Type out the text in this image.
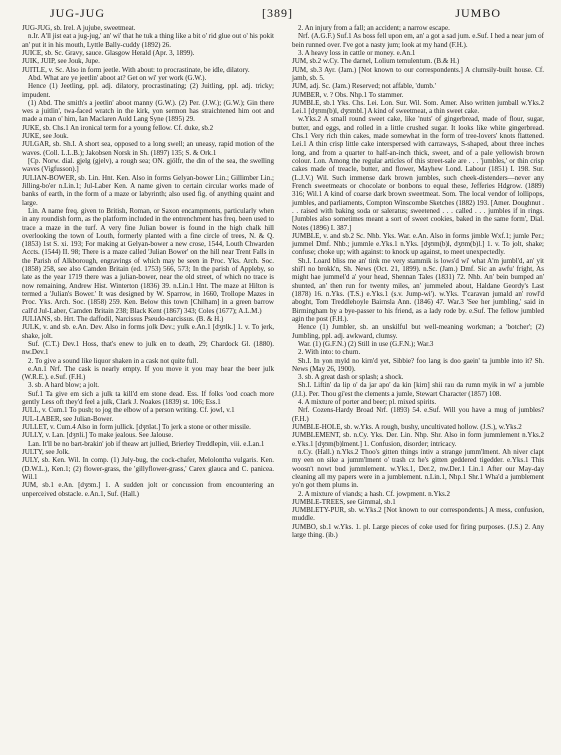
JUG-JUG	[389]	JUMBO

JUG-JUG, sb. Irel. A jujube, sweetmeat.

n.Ir. A'll jist eat a jug-jug,' an' wi' that he tuk a thing like a bit o' rid glue out o' his pokit an' put it in his mouth, Lyttle Bally-cuddy (1892) 26.

JUICE, sb. Sc. Gravy, sauce. Glasgow Herald (Apr. 3, 1899).

JUIK, JUIP, see Jouk, Jupe.

JUITLE, v. Sc. Also in form jeetle. With about: to procrastinate, be idle, dilatory.

Abd. What are ye jeetlin' aboot at? Get on wi' yer work (G.W.).

Hence (1) Jeetling, ppl. adj. dilatory, procrastinating; (2) Juitling, ppl. adj. tricky; impudent.

(1) Abd. The smith's a jeetlin' aboot manny (G.W.). (2) Per. (J.W.); (G.W.); Gin there wes a juitlin', twa-faced wratch in the kirk, yon sermon has straichtened him oot and made a man o' him, Ian Maclaren Auld Lang Syne (1895) 29.

JUKE, sb. Chs.1 An ironical term for a young fellow. Cf. duke, sb.2

JUKE, see Jouk.

JULGAR, sb. Sh.I. A short sea, opposed to a long swell; an uneasy, rapid motion of the waves. (Coll. L.L.B.); Jakobsen Norsk in Sh. (1897) 135; S. & Ork.1

[Cp. Norw. dial. gjelg (gjelv), a rough sea; ON. gjölfr, the din of the sea, the swelling waves (Vigfusson).]

JULIAN-BOWER, sb. Lin. Hnt. Ken. Also in forms Gelyan-bower Lin.; Gillimber Lin.; Jilling-bo'er n.Lin.1; Jul-Laber Ken. A name given to certain circular works made of banks of earth, in the form of a maze or labyrinth; also used fig. of anything quaint and large.

Lin. A name freq. given to British, Roman, or Saxon encampments, particularly when in any roundish form, as the platform included in the entrenchment has freq. been used to trace a maze in the turf. A very fine Julian bower is found in the high chalk hill overlooking the town of Louth, formerly planted with a fine circle of trees, N. & Q. (1853) 1st S. xi. 193; For making at Gelyan-bower a new crose, 1544, Louth Chwarden Accts. (1544) II. 98; There is a maze called 'Julian Bower' on the hill near Trent Falls in the Parish of Alkborough, engravings of which may be seen in Proc. Yks. Arch. Soc. (1858) 258, see also Camden Britain (ed. 1753) 566, 573; In the parish of Appleby, so late as the year 1719 there was a julian-bower, near the old street, of which no trace is now remaining, Andrew Hist. Winterton (1836) 39. n.Lin.1 Hnt. The maze at Hilton is termed a 'Julian's Bower.' It was designed by W. Sparrow, in 1660, Trollope Mazes in Proc. Yks. Arch. Soc. (1858) 259. Ken. Below this town [Chilham] in a green barrow call'd Jul-Laber, Camden Britain 238; Black Kent (1867) 343; Coles (1677); A.L.M.)

JULIANS, sb. Hrt. The daffodil, Narcissus Pseudo-narcissus. (B. & H.)

JULK, v. and sb. e.An. Dev. Also in forms jolk Dev.; yulk e.An.1 [dʒʊlk.] 1. v. To jerk, shake, jolt.

Suf. (C.T.) Dev.1 Hoss, that's enew to julk en to death, 29; Chardock Gl. (1880). nw.Dev.1

2. To give a sound like liquor shaken in a cask not quite full.

e.An.1 Nrf. The cask is nearly empty. If you move it you may hear the beer julk (W.R.E.). e.Suf. (F.H.)

3. sb. A hard blow; a jolt.

Suf.1 Ta give em sich a julk ta kill'd em stone dead. Ess. If folks 'ood coach more gently Less oft they'd feel a julk, Clark J. Noakes (1839) st. 106; Ess.1

JULL, v. Cum.1 To push; to jog the elbow of a person writing. Cf. jowl, v.1

JUL-LABER, see Julian-Bower.

JULLET, v. Cum.4 Also in form jullick. [dʒʊlət.] To jerk a stone or other missile.

JULLY, v. Lan. [dʒʊli.] To make jealous. See Jalouse.

Lan. It'll be no bart-brakin' job if theaw art jullied, Brierley Treddlepin, viii. e.Lan.1

JULTY, see Jolk.

JULY, sb. Ken. Wil. In comp. (1) July-bug, the cock-chafer, Melolontha vulgaris. Ken. (D.W.L.), Ken.1; (2) flower-grass, the 'gillyflower-grass,' Carex glauca and C. panicea. Wil.1

JUM, sb.1 e.An. [dʒʊm.] 1. A sudden jolt or concussion from encountering an unperceived obstacle. e.An.1, Suf. (Hall.)

2. An injury from a fall; an accident; a narrow escape.

Nrf. (A.G.F.) Suf.1 As boss fell upon em, an' a got a sad jum. e.Suf. I hed a near jum of bein runned over. I've got a nasty jum; look at my hand (F.H.).

3. A heavy loss in cattle or money. e.An.1

JUM, sb.2 w.Cy. The darnel, Lolium temulentum. (B.& H.)

JUM, sb.3 Ayr. (Jam.) [Not known to our correspondents.] A clumsily-built house. Cf. jamb, sb. 5.

JUM, adj. Sc. (Jam.) Reserved; not affable, 'dumb.'

JUMBER, v. ? Obs. Nhp.1 To stammer.

JUMBLE, sb.1 Yks. Chs. Lei. Lon. Sur. Wil. Som. Amer. Also written jumball w.Yks.2 Lei.1 [dʒʊm(b)l, dʒʊmbl.] A kind of sweetmeat, a thin sweet cake.

w.Yks.2 A small round sweet cake, like 'nuts' of gingerbread, made of flour, sugar, butter, and eggs, and rolled in a little crushed sugar. It looks like white gingerbread. Chs.1 Very rich thin cakes, made somewhat in the form of tree-lovers' knots flattened. Lei.1 A thin crisp little cake interspersed with carraways, S-shaped, about three inches long, and from a quarter to half-an-inch thick, sweet, and of a pale yellowish brown colour. Lon. Among the regular articles of this street-sale are . . . 'jumbles,' or thin crisp cakes made of treacle, butter, and flower, Mayhew Lond. Labour (1851) I. 198. Sur. (L.J.V.) Wil. Such immense dark brown jumbles, such cheek-distenders—never any French sweetmeats or chocolate or bonbons to equal these, Jefferies Hdgrow. (1889) 316; Wil.1 A kind of coarse dark brown sweetmeat. Som. The local vendor of lollipops, jumbles, and parliaments, Compton Winscombe Sketches (1882) 193. [Amer. Doughnut . . . raised with baking soda or saleratus; sweetened . . . called . . . jumbles if in rings. [Jumbles also sometimes meant a sort of sweet cookies, baked in the same form', Dial. Notes (1896) I. 387.]

JUMBLE, v. and sb.2 Sc. Nhb. Yks. War. e.An. Also in forms jimble Wxf.1; jumle Per.; jummel Dmf. Nhb.; jummle e.Yks.1 n.Yks. [dʒʊm(b)l, dʒʊm(b)l.] 1. v. To jolt, shake; confuse; choke up; with against: to knock up against, to meet unexpectedly.

Sh.I. Loard bliss me an' tink me very stammik is lows'd wi' what A'm jumbl'd, an' yit shil'l no brokk'n, Sh. News (Oct. 21, 1899). n.Sc. (Jam.) Dmf. Sic an awfu' fright, As might hae jummel'd a' your head, Shennan Tales (1831) 72. Nhb. An' bein bumped an' shunted, an' then run for twenty miles, an' jummeled about, Haldane Geordy's Last (1878) 16. n.Yks. (T.S.) e.Yks.1 (s.v. Jump-wi'). w.Yks. T'caravan jumald an' rowl'd aboght, Tom Treddlehoyle Bairnsla Ann. (1846) 47. War.3 'See her jumbling,' said in Birmingham by a bye-passer to his friend, as a lady rode by. e.Suf. The fellow jumbled agin the post (F.H.).

Hence (1) Jumbler, sb. an unskilful but well-meaning workman; a 'botcher'; (2) Jumbling, ppl. adj. awkward, clumsy.

War. (1) (G.F.N.) (2) Still in use (G.F.N.); War.3

2. With into: to churn.

Sh.I. In yon myld no kirn'd yet, Sibbie? foo lang is doo gaein' ta jumble into it? Sh. News (May 26, 1900).

3. sb. A great dash or splash; a shock.

Sh.I. Liftin' da lip o' da jar apo' da kin [kirn] shii rau da rumn myik in wi' a jumble (J.I.). Per. Thou gi'est the clements a jumle, Stewart Character (1857) 108.

4. A mixture of porter and beer; pl. mixed spirits.

Nrf. Cozens-Hardy Broad Nrf. (1893) 54. e.Suf. Will you have a mug of jumbles? (F.H.)

JUMBLE-HOLE, sb. w.Yks. A rough, bushy, uncultivated hollow. (J.S.), w.Yks.2

JUMBLEMENT, sb. n.Cy. Yks. Der. Lin. Nhp. Shr. Also in form jummlement n.Yks.2 e.Yks.1 [dʒʊm(b)lment.] 1. Confusion, disorder; intricacy.

n.Cy. (Hall.) n.Yks.2 Thoo's gitten things intiv a strange jumm'lment. Ah niver clapt my een on sike a jumm'lment o' trash cz he's gitten geddered tigedder. e.Yks.1 This woosn't nowt bud jummlement. w.Yks.1, Der.2, nw.Der.1 Lin.1 After our May-day cleaning all my papers were in a jumblement. n.Lin.1, Nhp.1 Shr.1 Wha'd a jumblement yo'n got them plums in.

2. A mixture of viands; a hash. Cf. jowpment. n.Yks.2

JUMBLE-TREES, see Gimmal, sb.1

JUMBLETY-PUR, sb. w.Yks.2 [Not known to our correspondents.] A mess, confusion, muddle.

JUMBO, sb.1 w.Yks. 1. pl. Large pieces of coke used for firing purposes. (J.S.) 2. Any large thing. (ib.)
